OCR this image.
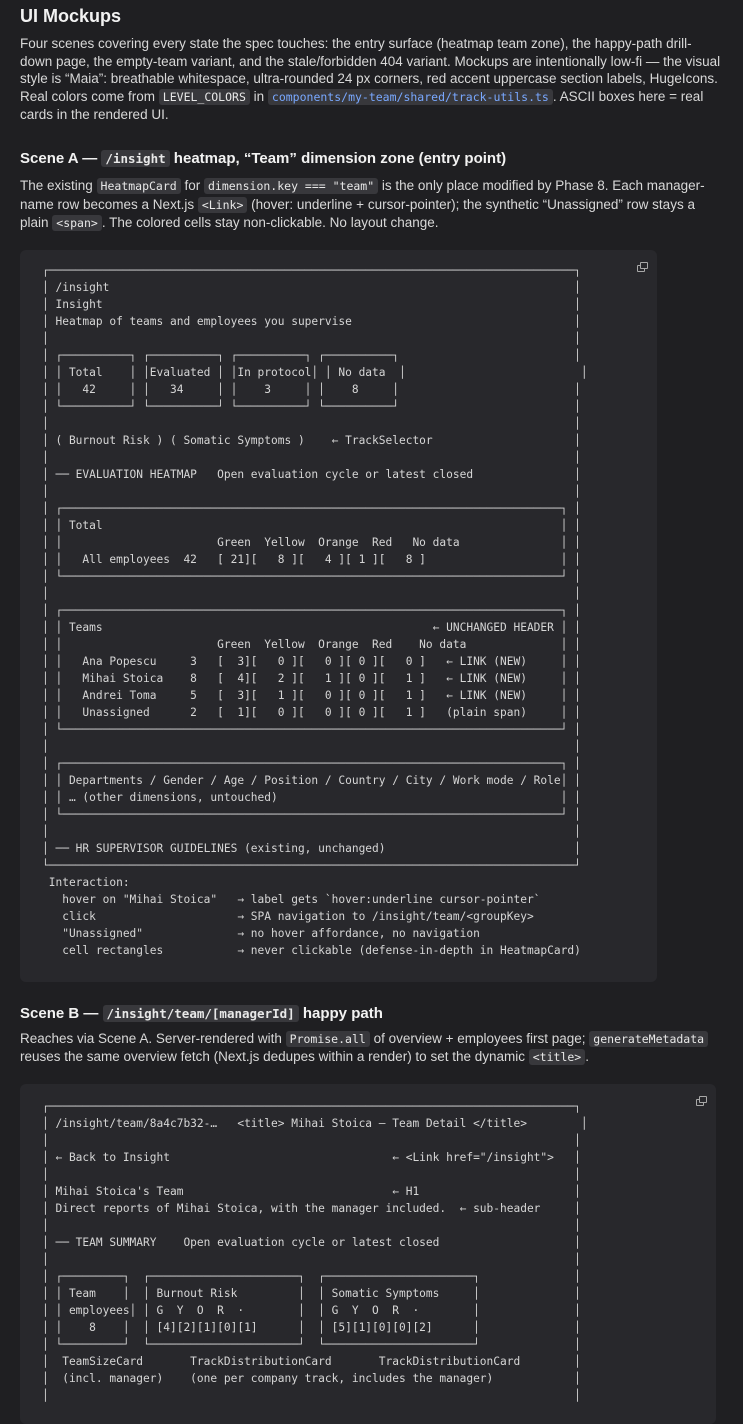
UI Mockups

Four scenes covering every state the spec touches: the entry surface (heatmap team zone), the happy-path drill-down page, the empty-team variant, and the stale/forbidden 404 variant. Mockups are intentionally low-fi — the visual style is “Maia”: breathable whitespace, ultra-rounded 24 px corners, red accent uppercase section labels, HugeIcons. Real colors come from LEVEL_COLORS in components/my-team/shared/track-utils.ts . ASCII boxes here = real cards in the rendered UI.

Scene A — /insight heatmap, “Team” dimension zone (entry point)

The existing HeatmapCard for dimension.key === "team" is the only place modified by Phase 8. Each manager-name row becomes a Next.js <Link> (hover: underline + cursor-pointer); the synthetic “Unassigned” row stays a plain <span> . The colored cells stay non-clickable. No layout change.

┌──────────────────────────────────────────────────────────────────────────────┐
│ /insight                                                                     │
│ Insight                                                                      │
│ Heatmap of teams and employees you supervise                                 │
│                                                                              │
│ ┌──────────┐ ┌──────────┐ ┌──────────┐ ┌──────────┐                          │
│ │ Total    │ │Evaluated │ │In protocol│ │ No data  │                          │
│ │   42     │ │   34     │ │    3     │ │    8     │                          │
│ └──────────┘ └──────────┘ └──────────┘ └──────────┘                          │
│                                                                              │
│ ( Burnout Risk ) ( Somatic Symptoms )    ← TrackSelector                     │
│                                                                              │
│ ── EVALUATION HEATMAP   Open evaluation cycle or latest closed               │
│                                                                              │
│ ┌──────────────────────────────────────────────────────────────────────────┐ │
│ │ Total                                                                    │ │
│ │                       Green  Yellow  Orange  Red   No data               │ │
│ │   All employees  42   [ 21][   8 ][   4 ][ 1 ][   8 ]                    │ │
│ └──────────────────────────────────────────────────────────────────────────┘ │
│                                                                              │
│ ┌──────────────────────────────────────────────────────────────────────────┐ │
│ │ Teams                                                 ← UNCHANGED HEADER │ │
│ │                       Green  Yellow  Orange  Red    No data              │ │
│ │   Ana Popescu     3   [  3][   0 ][   0 ][ 0 ][   0 ]   ← LINK (NEW)     │ │
│ │   Mihai Stoica    8   [  4][   2 ][   1 ][ 0 ][   1 ]   ← LINK (NEW)     │ │
│ │   Andrei Toma     5   [  3][   1 ][   0 ][ 0 ][   1 ]   ← LINK (NEW)     │ │
│ │   Unassigned      2   [  1][   0 ][   0 ][ 0 ][   1 ]   (plain span)     │ │
│ └──────────────────────────────────────────────────────────────────────────┘ │
│                                                                              │
│ ┌──────────────────────────────────────────────────────────────────────────┐ │
│ │ Departments / Gender / Age / Position / Country / City / Work mode / Role│ │
│ │ … (other dimensions, untouched)                                          │ │
│ └──────────────────────────────────────────────────────────────────────────┘ │
│                                                                              │
│ ── HR SUPERVISOR GUIDELINES (existing, unchanged)                            │
└──────────────────────────────────────────────────────────────────────────────┘
Interaction:
hover on "Mihai Stoica"   → label gets `hover:underline cursor-pointer`
click                     → SPA navigation to /insight/team/<groupKey>
"Unassigned"              → no hover affordance, no navigation
cell rectangles           → never clickable (defense-in-depth in HeatmapCard)
Scene B — /insight/team/[managerId] happy path

Reaches via Scene A. Server-rendered with Promise.all of overview + employees first page; generateMetadata reuses the same overview fetch (Next.js dedupes within a render) to set the dynamic <title> .

┌──────────────────────────────────────────────────────────────────────────────┐
│ /insight/team/8a4c7b32-…   <title> Mihai Stoica — Team Detail </title>        │
│                                                                              │
│ ← Back to Insight                                 ← <Link href="/insight">   │
│                                                                              │
│ Mihai Stoica's Team                               ← H1                       │
│ Direct reports of Mihai Stoica, with the manager included.  ← sub-header     │
│                                                                              │
│ ── TEAM SUMMARY    Open evaluation cycle or latest closed                    │
│                                                                              │
│ ┌─────────┐  ┌──────────────────────┐  ┌──────────────────────┐              │
│ │ Team    │  │ Burnout Risk         │  │ Somatic Symptoms     │              │
│ │ employees│ │ G  Y  O  R  ·        │  │ G  Y  O  R  ·        │              │
│ │    8    │  │ [4][2][1][0][1]      │  │ [5][1][0][0][2]      │              │
│ └─────────┘  └──────────────────────┘  └──────────────────────┘              │
│  TeamSizeCard       TrackDistributionCard       TrackDistributionCard        │
│  (incl. manager)    (one per company track, includes the manager)            │
│                                                                              │
